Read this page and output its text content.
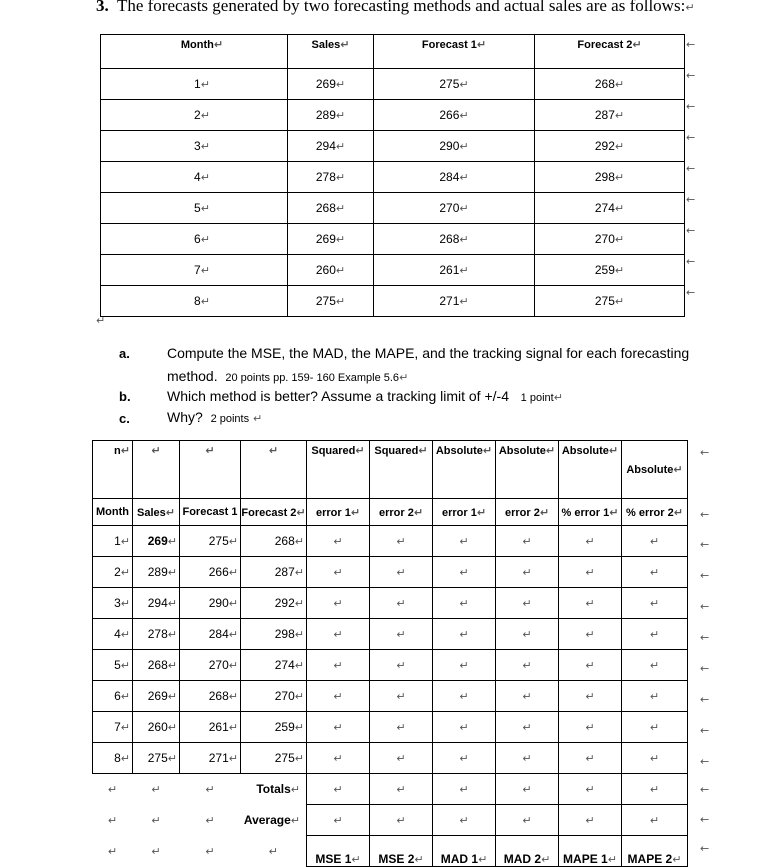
3. The forecasts generated by two forecasting methods and actual sales are as follows:↵
Month↵	Sales↵	Forecast 1↵	Forecast 2↵
1↵	269↵	275↵	268↵
2↵	289↵	266↵	287↵
3↵	294↵	290↵	292↵
4↵	278↵	284↵	298↵
5↵	268↵	270↵	274↵
6↵	269↵	268↵	270↵
7↵	260↵	261↵	259↵
8↵	275↵	271↵	275↵
←
←
←
←
←
←
←
←
←
↵
a.	Compute the MSE, the MAD, the MAPE, and the tracking signal for each forecasting
method. 20 points pp. 159- 160 Example 5.6↵
b.	Which method is better? Assume a tracking limit of +/-4 1 point↵
c.	Why? 2 points ↵
n↵	↵	↵	↵	Squared↵	Squared↵	Absolute↵	Absolute↵	Absolute↵	Absolute↵
Month	Sales↵	Forecast 1	Forecast 2↵	error 1↵	error 2↵	error 1↵	error 2↵	% error 1↵	% error 2↵
1↵	269↵	275↵	268↵	↵	↵	↵	↵	↵	↵
2↵	289↵	266↵	287↵	↵	↵	↵	↵	↵	↵
3↵	294↵	290↵	292↵	↵	↵	↵	↵	↵	↵
4↵	278↵	284↵	298↵	↵	↵	↵	↵	↵	↵
5↵	268↵	270↵	274↵	↵	↵	↵	↵	↵	↵
6↵	269↵	268↵	270↵	↵	↵	↵	↵	↵	↵
7↵	260↵	261↵	259↵	↵	↵	↵	↵	↵	↵
8↵	275↵	271↵	275↵	↵	↵	↵	↵	↵	↵
↵	↵	↵	Totals↵	↵	↵	↵	↵	↵	↵
↵	↵	↵	Average↵	↵	↵	↵	↵	↵	↵
↵	↵	↵	↵	MSE 1↵	MSE 2↵	MAD 1↵	MAD 2↵	MAPE 1↵	MAPE 2↵
←
←
←
←
←
←
←
←
←
←
←
←
←
